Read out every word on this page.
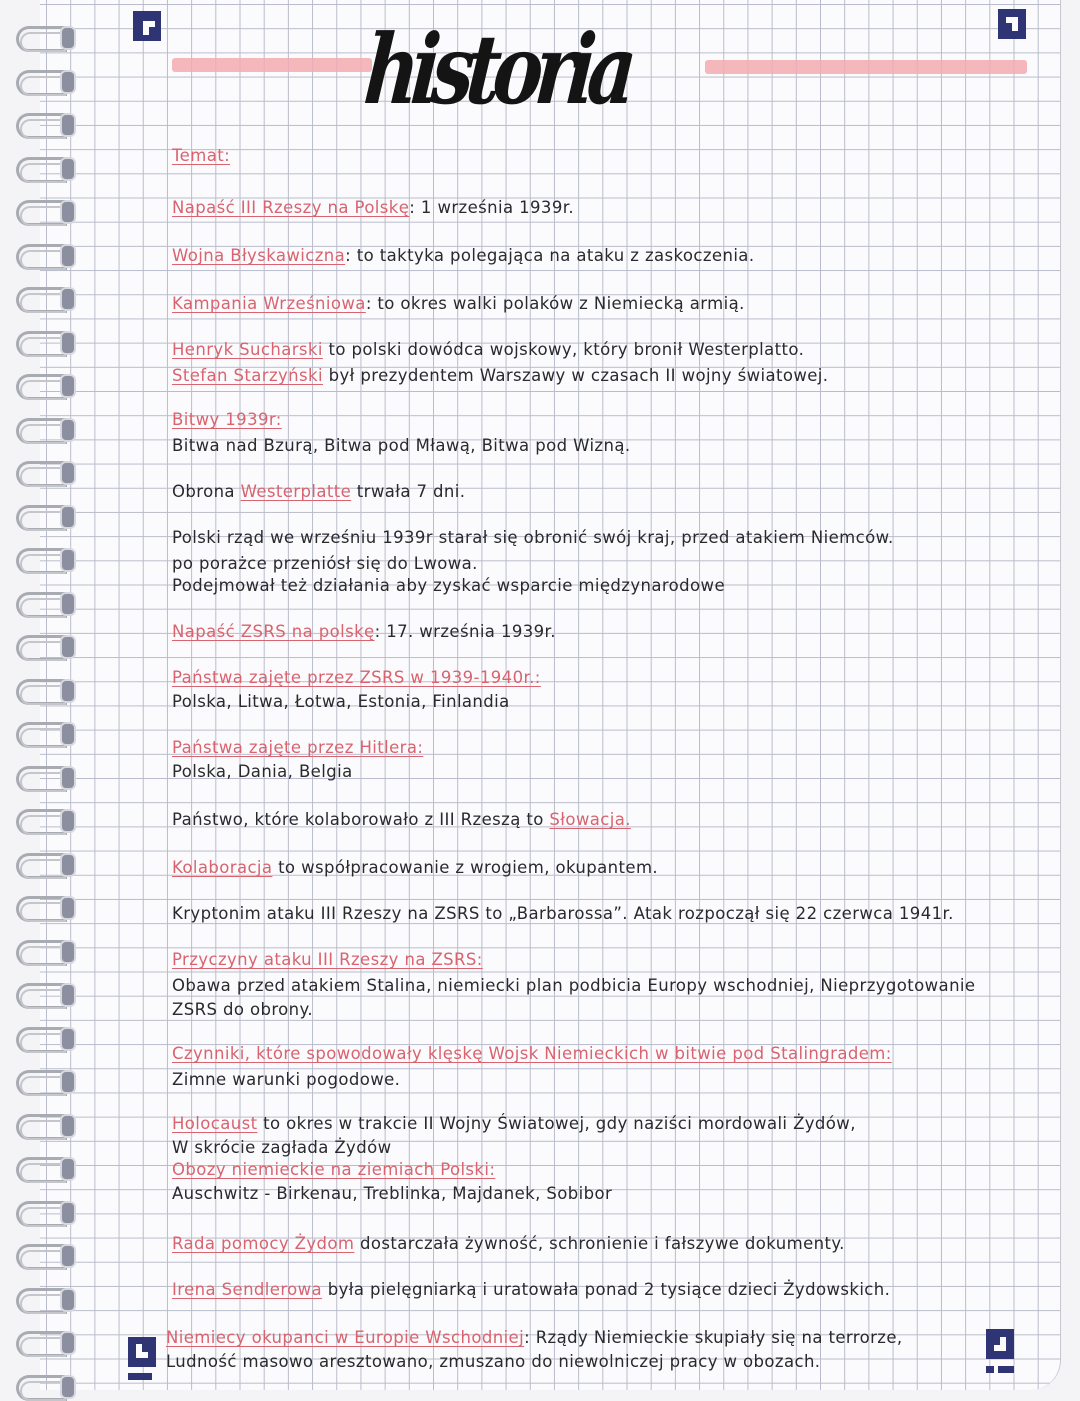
historia
Temat:
Napaść III Rzeszy na Polskę: 1 września 1939r.
Wojna Błyskawiczna: to taktyka polegająca na ataku z zaskoczenia.
Kampania Wrześniowa: to okres walki polaków z Niemiecką armią.
Henryk Sucharski to polski dowódca wojskowy, który bronił Westerplatto.
Stefan Starzyński był prezydentem Warszawy w czasach II wojny światowej.
Bitwy 1939r:
Bitwa nad Bzurą, Bitwa pod Mławą, Bitwa pod Wizną.
Obrona Westerplatte trwała 7 dni.
Polski rząd we wrześniu 1939r starał się obronić swój kraj, przed atakiem Niemców.
po porażce przeniósł się do Lwowa.
Podejmował też działania aby zyskać wsparcie międzynarodowe
Napaść ZSRS na polskę: 17. września 1939r.
Państwa zajęte przez ZSRS w 1939-1940r.:
Polska, Litwa, Łotwa, Estonia, Finlandia
Państwa zajęte przez Hitlera:
Polska, Dania, Belgia
Państwo, które kolaborowało z III Rzeszą to Słowacja.
Kolaboracja to współpracowanie z wrogiem, okupantem.
Kryptonim ataku III Rzeszy na ZSRS to „Barbarossa”. Atak rozpoczął się 22 czerwca 1941r.
Przyczyny ataku III Rzeszy na ZSRS:
Obawa przed atakiem Stalina, niemiecki plan podbicia Europy wschodniej, Nieprzygotowanie
ZSRS do obrony.
Czynniki, które spowodowały klęskę Wojsk Niemieckich w bitwie pod Stalingradem:
Zimne warunki pogodowe.
Holocaust to okres w trakcie II Wojny Światowej, gdy naziści mordowali Żydów,
W skrócie zagłada Żydów
Obozy niemieckie na ziemiach Polski:
Auschwitz - Birkenau, Treblinka, Majdanek, Sobibor
Rada pomocy Żydom dostarczała żywność, schronienie i fałszywe dokumenty.
Irena Sendlerowa była pielęgniarką i uratowała ponad 2 tysiące dzieci Żydowskich.
Niemiecy okupanci w Europie Wschodniej: Rządy Niemieckie skupiały się na terrorze,
Ludność masowo aresztowano, zmuszano do niewolniczej pracy w obozach.
